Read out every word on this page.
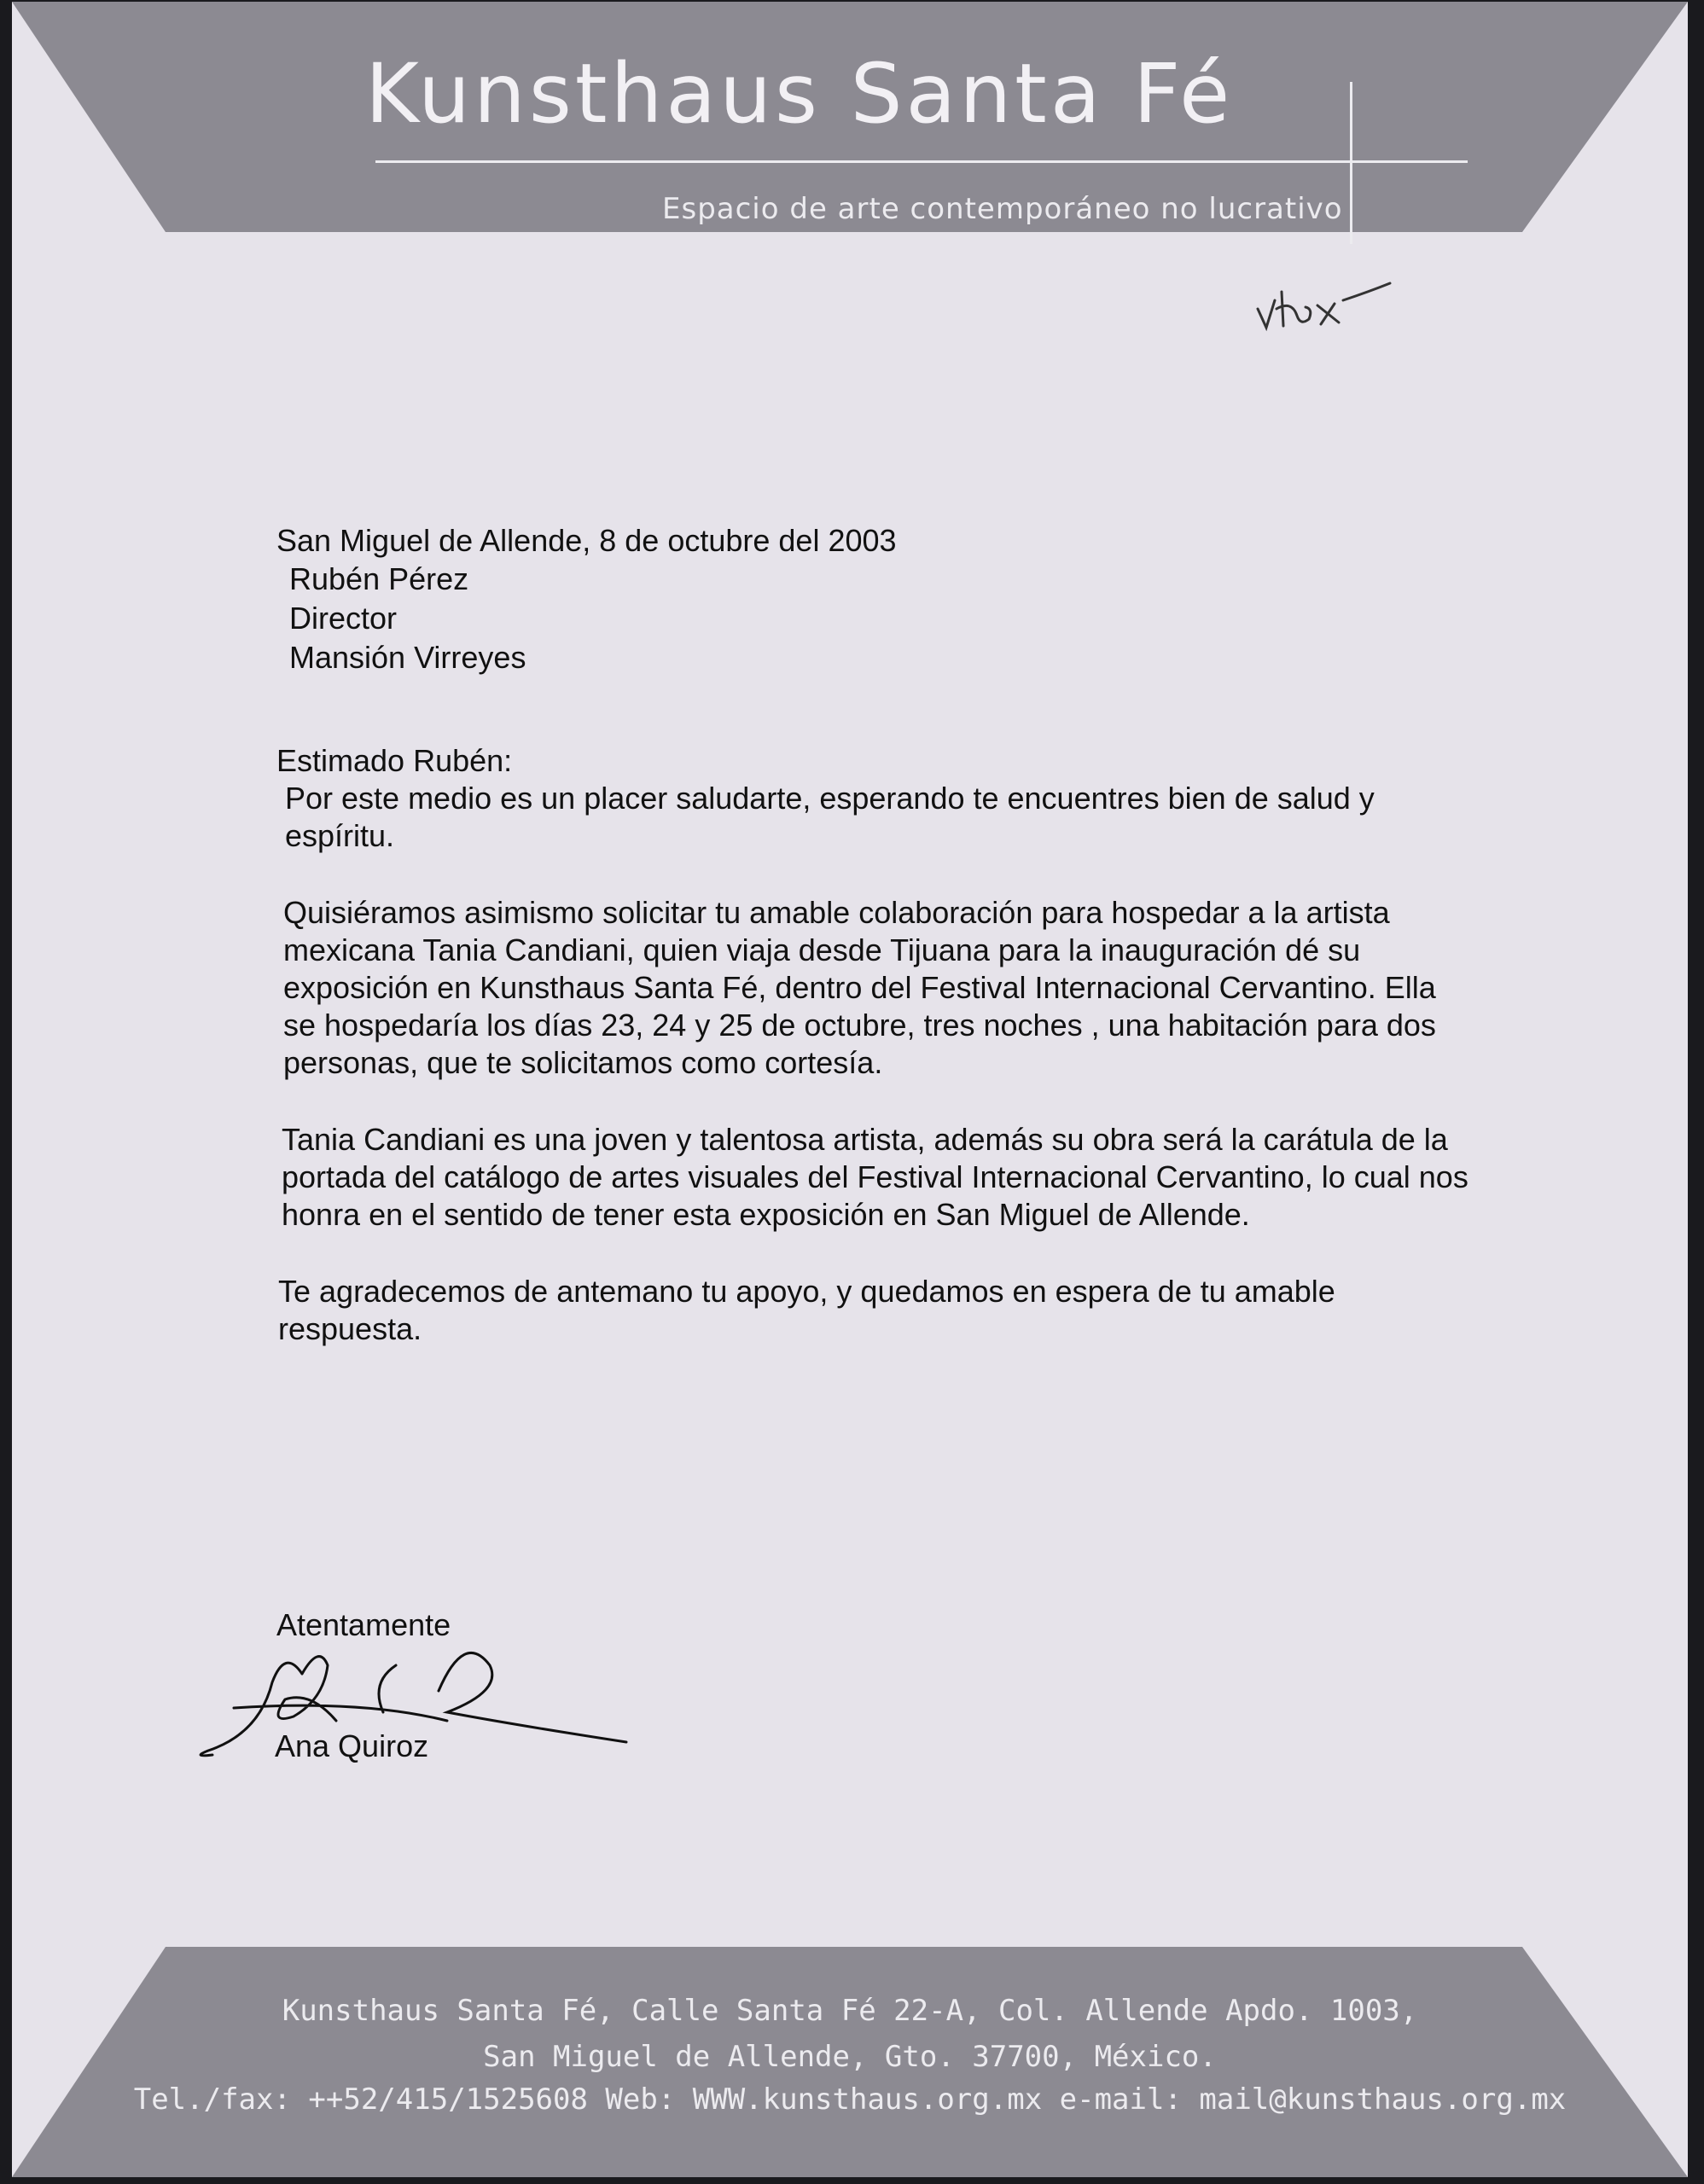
Kunsthaus Santa Fé
Espacio de arte contemporáneo no lucrativo

San Miguel de Allende, 8 de octubre del 2003

Rubén Pérez
Director
Mansión Virreyes

Estimado Rubén:

Por este medio es un placer saludarte, esperando te encuentres bien de salud y espíritu.

Quisiéramos asimismo solicitar tu amable colaboración para hospedar a la artista mexicana Tania Candiani, quien viaja desde Tijuana para la inauguración dé su exposición en Kunsthaus Santa Fé, dentro del Festival Internacional Cervantino. Ella se hospedaría los días 23, 24 y 25 de octubre, tres noches , una habitación para dos personas, que te solicitamos como cortesía.

Tania Candiani es una joven y talentosa artista, además su obra será la carátula de la portada del catálogo de artes visuales del Festival Internacional Cervantino, lo cual nos honra en el sentido de tener esta exposición en San Miguel de Allende.

Te agradecemos de antemano tu apoyo, y quedamos en espera de tu amable respuesta.

Atentamente
Ana Quiroz
Kunsthaus Santa Fé, Calle Santa Fé 22-A, Col. Allende Apdo. 1003,
San Miguel de Allende, Gto. 37700, México.
Tel./fax: ++52/415/1525608 Web: WWW.kunsthaus.org.mx e-mail: mail@kunsthaus.org.mx
